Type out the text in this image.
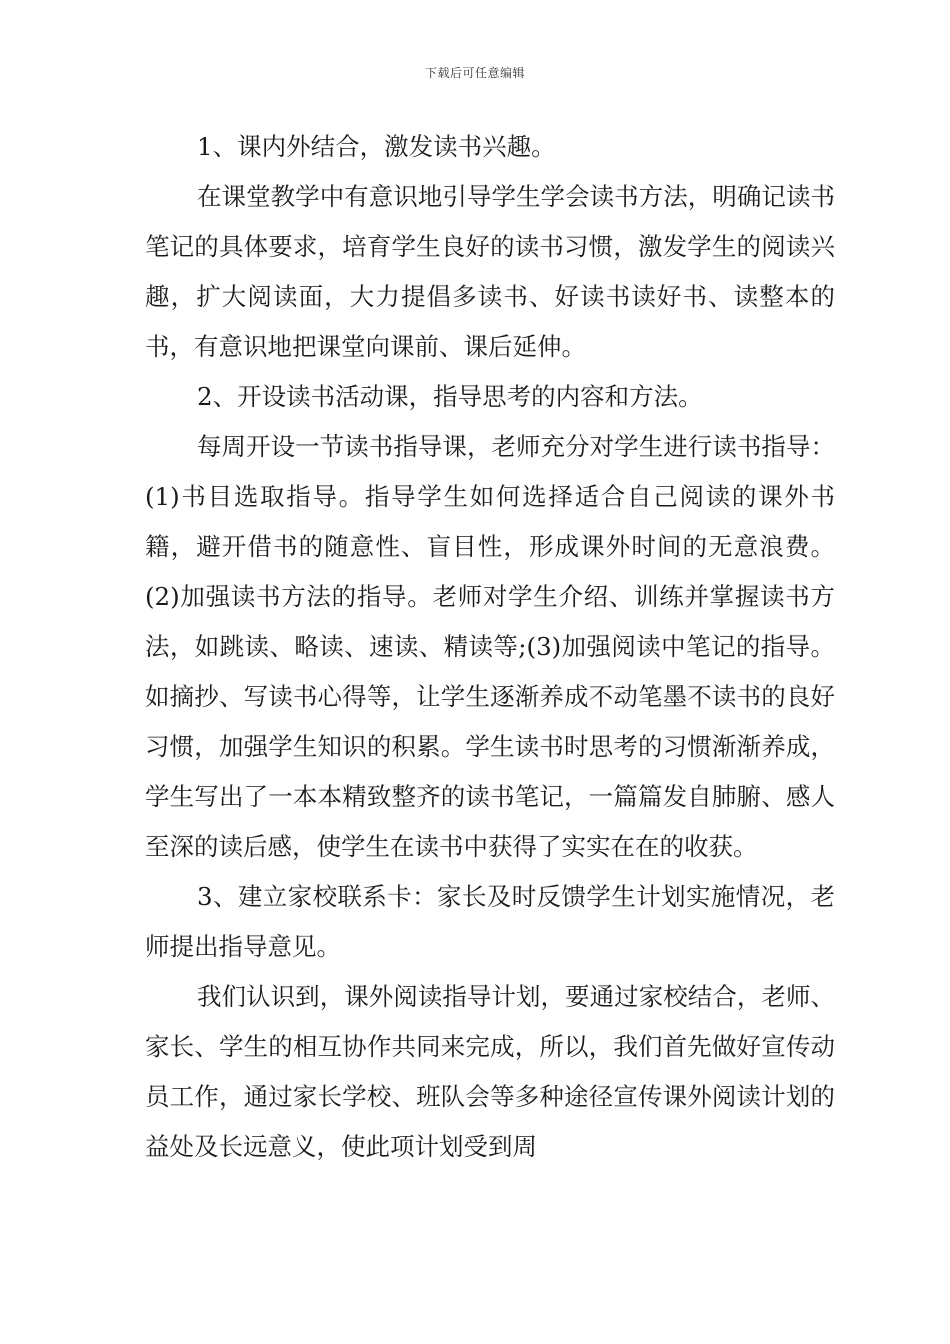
下载后可任意编辑

1、课内外结合，激发读书兴趣。

在课堂教学中有意识地引导学生学会读书方法，明确记读书笔记的具体要求，培育学生良好的读书习惯，激发学生的阅读兴趣，扩大阅读面，大力提倡多读书、好读书读好书、读整本的书，有意识地把课堂向课前、课后延伸。

2、开设读书活动课，指导思考的内容和方法。

每周开设一节读书指导课，老师充分对学生进行读书指导：(1)书目选取指导。指导学生如何选择适合自己阅读的课外书籍，避开借书的随意性、盲目性，形成课外时间的无意浪费。(2)加强读书方法的指导。老师对学生介绍、训练并掌握读书方法，如跳读、略读、速读、精读等;(3)加强阅读中笔记的指导。如摘抄、写读书心得等，让学生逐渐养成不动笔墨不读书的良好习惯，加强学生知识的积累。学生读书时思考的习惯渐渐养成，学生写出了一本本精致整齐的读书笔记，一篇篇发自肺腑、感人至深的读后感，使学生在读书中获得了实实在在的收获。

3、建立家校联系卡：家长及时反馈学生计划实施情况，老师提出指导意见。

我们认识到，课外阅读指导计划，要通过家校结合，老师、家长、学生的相互协作共同来完成，所以，我们首先做好宣传动员工作，通过家长学校、班队会等多种途径宣传课外阅读计划的益处及长远意义，使此项计划受到周
